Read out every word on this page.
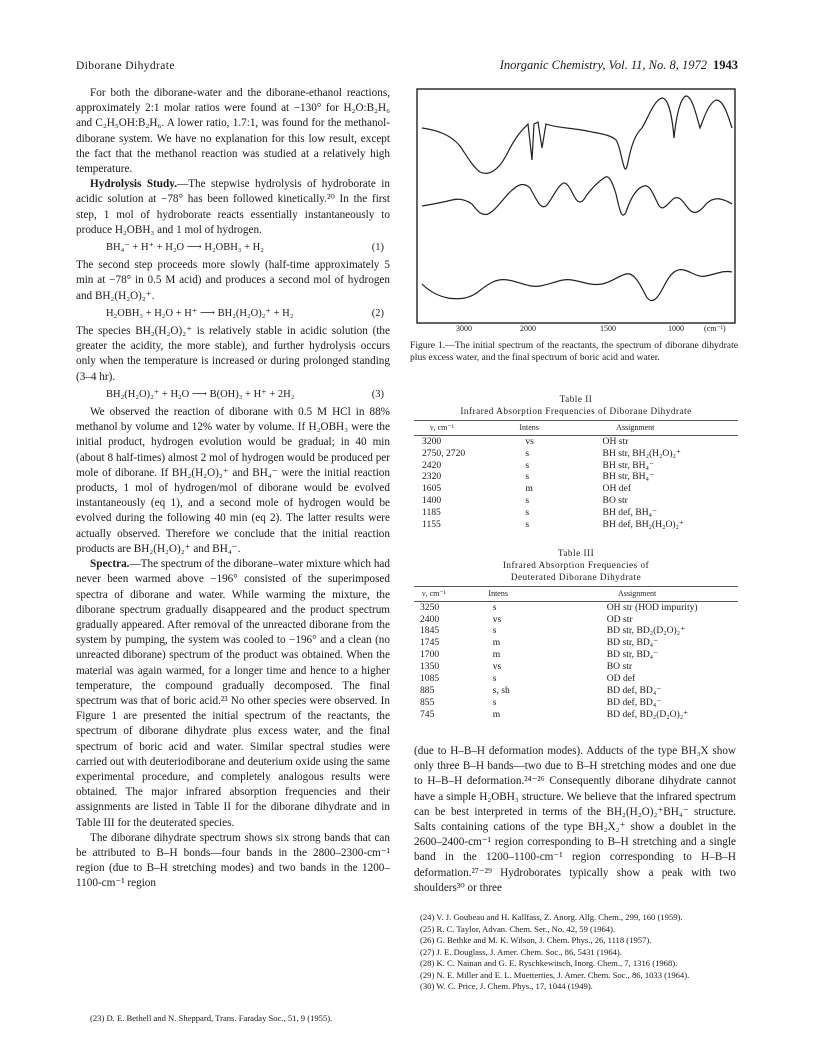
Diborane Dihydrate	Inorganic Chemistry, Vol. 11, No. 8, 1972 1943

For both the diborane-water and the diborane-ethanol reactions, approximately 2:1 molar ratios were found at −130° for H₂O:B₂H₆ and C₂H₅OH:B₂H₆. A lower ratio, 1.7:1, was found for the methanol-diborane system. We have no explanation for this low result, except the fact that the methanol reaction was studied at a relatively high temperature.

Hydrolysis Study.—The stepwise hydrolysis of hydroborate in acidic solution at −78° has been followed kinetically.²⁰ In the first step, 1 mol of hydroborate reacts essentially instantaneously to produce H₂OBH₃ and 1 mol of hydrogen.

BH₄⁻ + H⁺ + H₂O ⟶ H₂OBH₃ + H₂	(1)

The second step proceeds more slowly (half-time approximately 5 min at −78° in 0.5 M acid) and produces a second mol of hydrogen and BH₂(H₂O)₂⁺.

H₂OBH₃ + H₂O + H⁺ ⟶ BH₂(H₂O)₂⁺ + H₂	(2)

The species BH₂(H₂O)₂⁺ is relatively stable in acidic solution (the greater the acidity, the more stable), and further hydrolysis occurs only when the temperature is increased or during prolonged standing (3–4 hr).

BH₂(H₂O)₂⁺ + H₂O ⟶ B(OH)₃ + H⁺ + 2H₂	(3)

We observed the reaction of diborane with 0.5 M HCl in 88% methanol by volume and 12% water by volume. If H₂OBH₃ were the initial product, hydrogen evolution would be gradual; in 40 min (about 8 half-times) almost 2 mol of hydrogen would be produced per mole of diborane. If BH₂(H₂O)₂⁺ and BH₄⁻ were the initial reaction products, 1 mol of hydrogen/mol of diborane would be evolved instantaneously (eq 1), and a second mole of hydrogen would be evolved during the following 40 min (eq 2). The latter results were actually observed. Therefore we conclude that the initial reaction products are BH₂(H₂O)₂⁺ and BH₄⁻.

Spectra.—The spectrum of the diborane–water mixture which had never been warmed above −196° consisted of the superimposed spectra of diborane and water. While warming the mixture, the diborane spectrum gradually disappeared and the product spectrum gradually appeared. After removal of the unreacted diborane from the system by pumping, the system was cooled to −196° and a clean (no unreacted diborane) spectrum of the product was obtained. When the material was again warmed, for a longer time and hence to a higher temperature, the compound gradually decomposed. The final spectrum was that of boric acid.²³ No other species were observed. In Figure 1 are presented the initial spectrum of the reactants, the spectrum of diborane dihydrate plus excess water, and the final spectrum of boric acid and water. Similar spectral studies were carried out with deuteriodiborane and deuterium oxide using the same experimental procedure, and completely analogous results were obtained. The major infrared absorption frequencies and their assignments are listed in Table II for the diborane dihydrate and in Table III for the deuterated species.

The diborane dihydrate spectrum shows six strong bands that can be attributed to B–H bonds—four bands in the 2800–2300-cm⁻¹ region (due to B–H stretching modes) and two bands in the 1200–1100-cm⁻¹ region

(23) D. E. Bethell and N. Sheppard, Trans. Faraday Soc., 51, 9 (1955).
3000	2000	1500	1000	(cm⁻¹)
Figure 1.—The initial spectrum of the reactants, the spectrum of diborane dihydrate plus excess water, and the final spectrum of boric acid and water.
Table II
Infrared Absorption Frequencies of Diborane Dihydrate
ν, cm⁻¹	Intens	Assignment
3200	vs	OH str
2750, 2720	s	BH str, BH₂(H₂O)₂⁺
2420	s	BH str, BH₄⁻
2320	s	BH str, BH₄⁻
1605	m	OH def
1400	s	BO str
1185	s	BH def, BH₄⁻
1155	s	BH def, BH₂(H₂O)₂⁺
Table III
Infrared Absorption Frequencies of
Deuterated Diborane Dihydrate
ν, cm⁻¹	Intens	Assignment
3250	s	OH str (HOD impurity)
2400	vs	OD str
1845	s	BD str, BD₂(D₂O)₂⁺
1745	m	BD str, BD₄⁻
1700	m	BD str, BD₄⁻
1350	vs	BO str
1085	s	OD def
885	s, sh	BD def, BD₄⁻
855	s	BD def, BD₄⁻
745	m	BD def, BD₂(D₂O)₂⁺

(due to H–B–H deformation modes). Adducts of the type BH₃X show only three B–H bands—two due to B–H stretching modes and one due to H–B–H deformation.²⁴⁻²⁶ Consequently diborane dihydrate cannot have a simple H₂OBH₃ structure. We believe that the infrared spectrum can be best interpreted in terms of the BH₂(H₂O)₂⁺BH₄⁻ structure. Salts containing cations of the type BH₂X₂⁺ show a doublet in the 2600–2400-cm⁻¹ region corresponding to B–H stretching and a single band in the 1200–1100-cm⁻¹ region corresponding to H–B–H deformation.²⁷⁻²⁹ Hydroborates typically show a peak with two shoulders³⁰ or three

(24) V. J. Goubeau and H. Kallfass, Z. Anorg. Allg. Chem., 299, 160 (1959).
(25) R. C. Taylor, Advan. Chem. Ser., No. 42, 59 (1964).
(26) G. Bethke and M. K. Wilson, J. Chem. Phys., 26, 1118 (1957).
(27) J. E. Douglass, J. Amer. Chem. Soc., 86, 5431 (1964).
(28) K. C. Nainan and G. E. Ryschkewitsch, Inorg. Chem., 7, 1316 (1968).
(29) N. E. Miller and E. L. Muetterties, J. Amer. Chem. Soc., 86, 1033 (1964).
(30) W. C. Price, J. Chem. Phys., 17, 1044 (1949).
